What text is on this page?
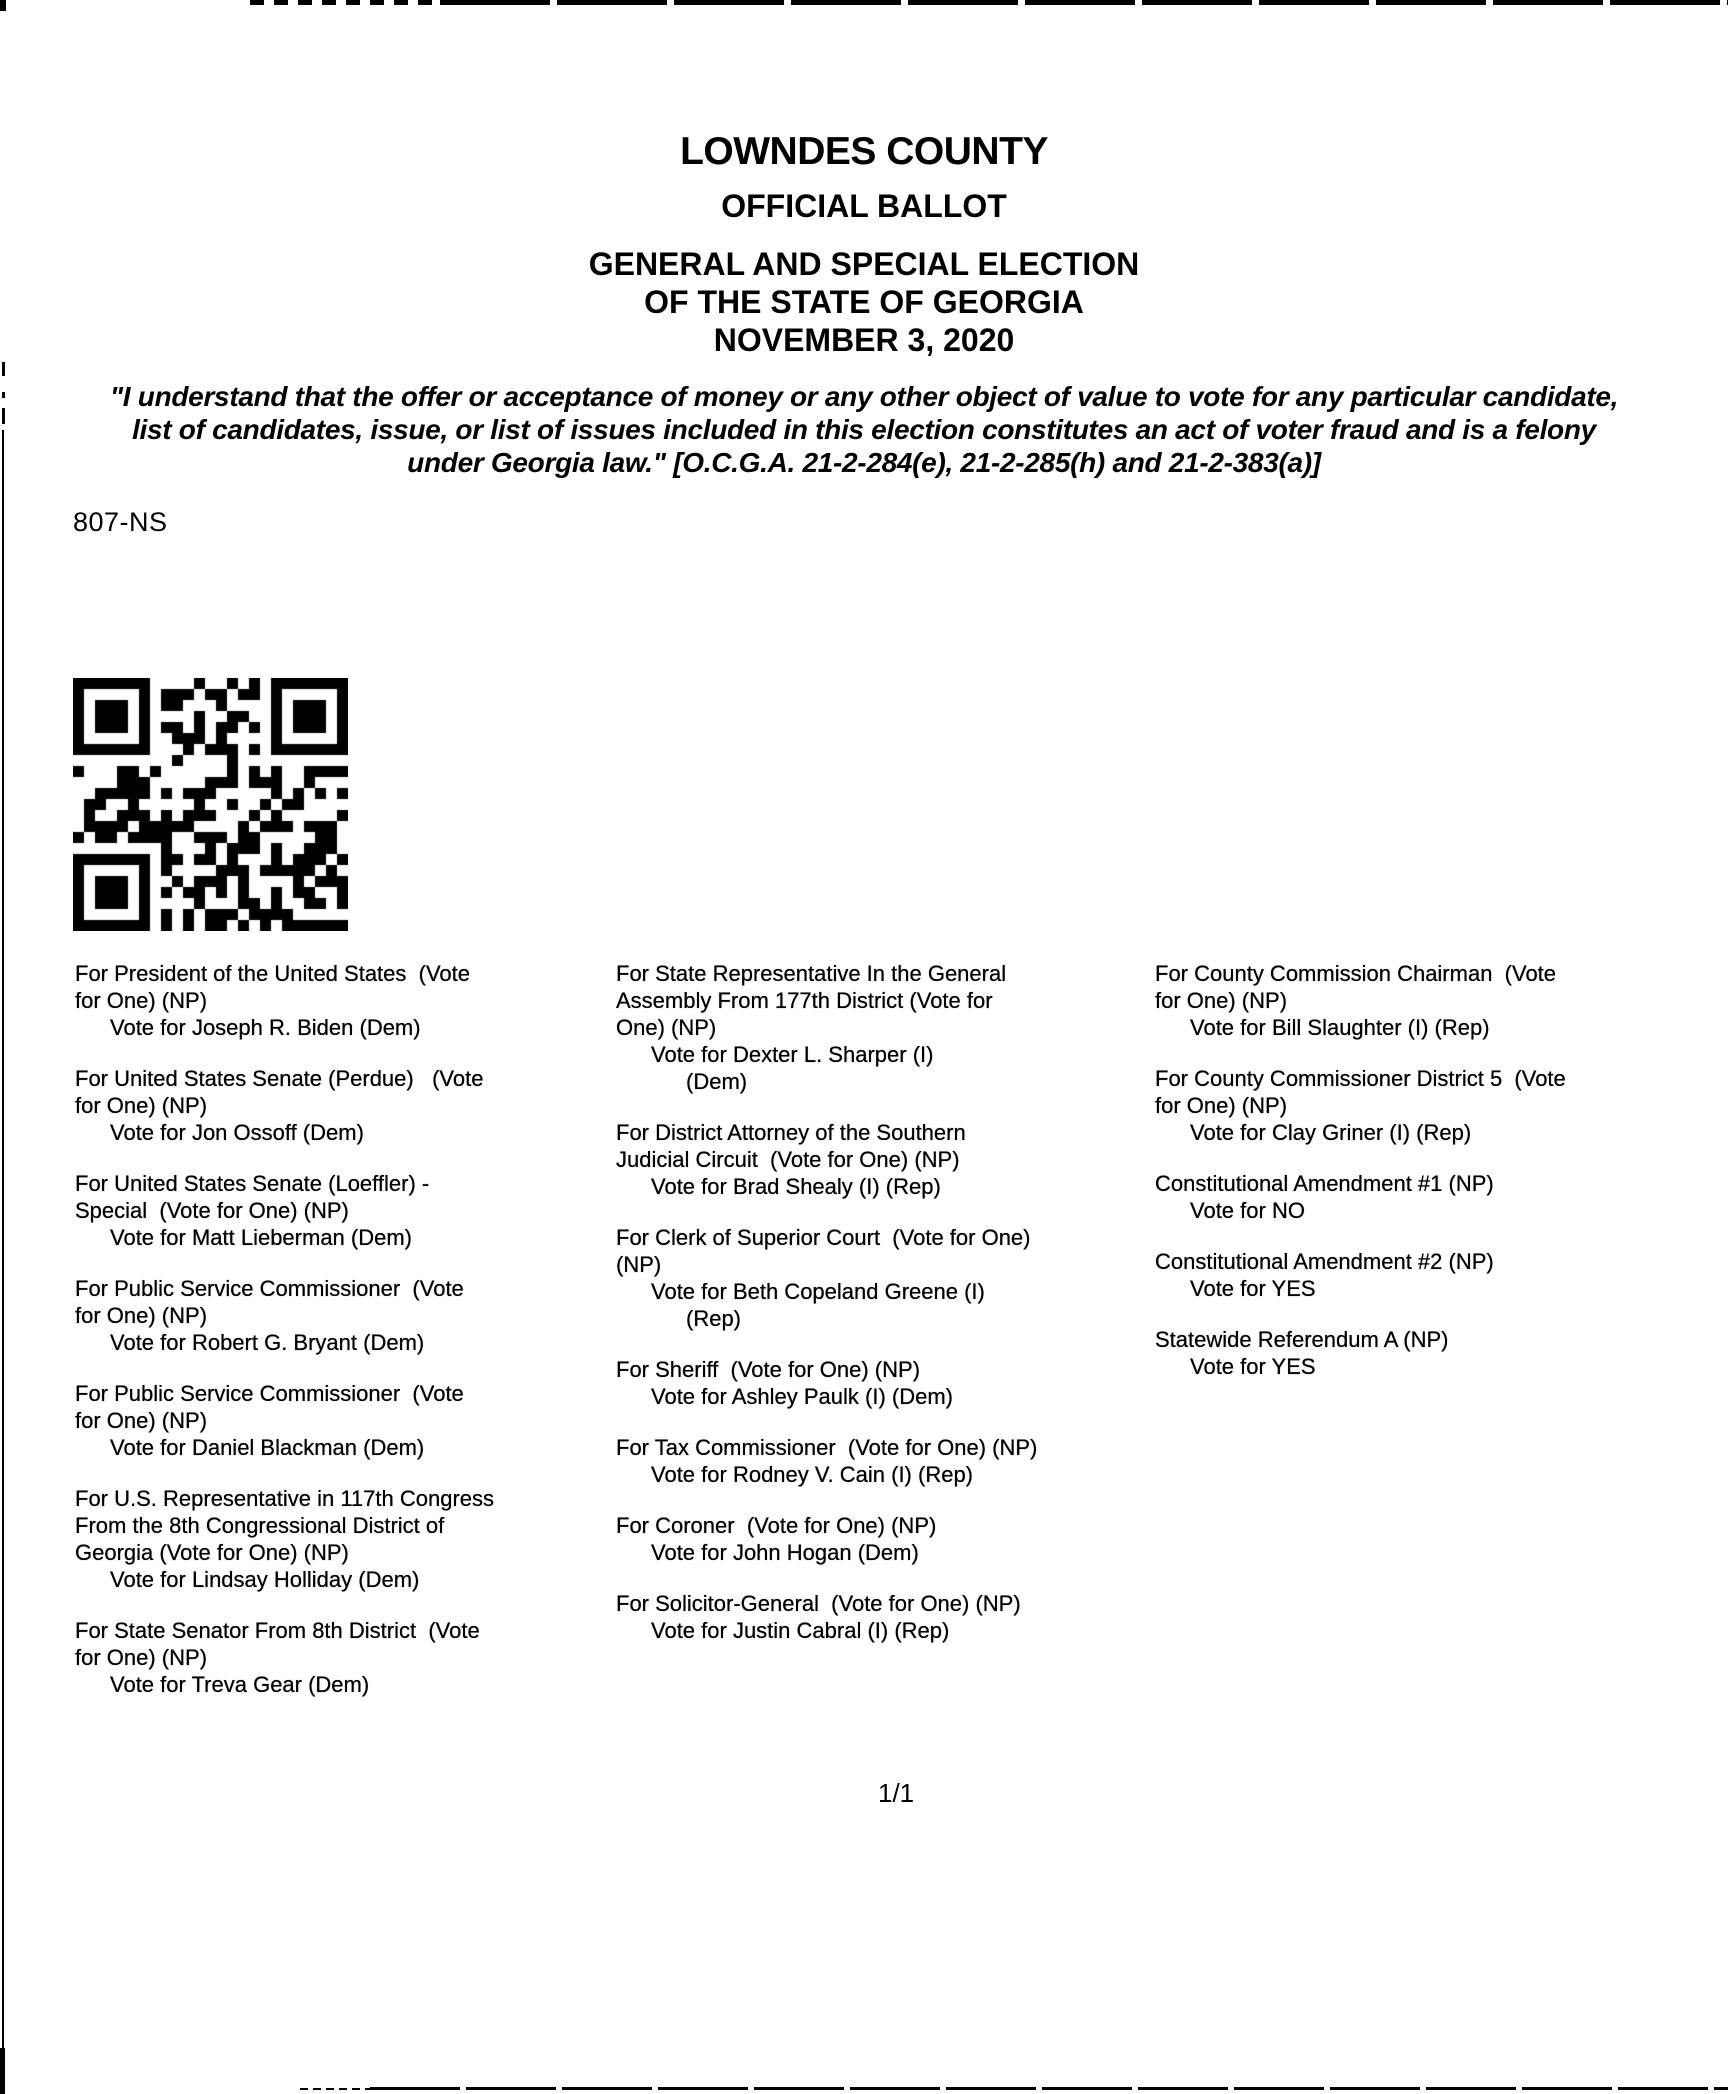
LOWNDES COUNTY
OFFICIAL BALLOT
GENERAL AND SPECIAL ELECTION
OF THE STATE OF GEORGIA
NOVEMBER 3, 2020
"I understand that the offer or acceptance of money or any other object of value to vote for any particular candidate,
list of candidates, issue, or list of issues included in this election constitutes an act of voter fraud and is a felony
under Georgia law." [O.C.G.A. 21-2-284(e), 21-2-285(h) and 21-2-383(a)]
807-NS
For President of the United States  (Vote
for One) (NP)
Vote for Joseph R. Biden (Dem)
For United States Senate (Perdue)   (Vote
for One) (NP)
Vote for Jon Ossoff (Dem)
For United States Senate (Loeffler) -
Special  (Vote for One) (NP)
Vote for Matt Lieberman (Dem)
For Public Service Commissioner  (Vote
for One) (NP)
Vote for Robert G. Bryant (Dem)
For Public Service Commissioner  (Vote
for One) (NP)
Vote for Daniel Blackman (Dem)
For U.S. Representative in 117th Congress
From the 8th Congressional District of
Georgia (Vote for One) (NP)
Vote for Lindsay Holliday (Dem)
For State Senator From 8th District  (Vote
for One) (NP)
Vote for Treva Gear (Dem)
For State Representative In the General
Assembly From 177th District (Vote for
One) (NP)
Vote for Dexter L. Sharper (I)
(Dem)
For District Attorney of the Southern
Judicial Circuit  (Vote for One) (NP)
Vote for Brad Shealy (I) (Rep)
For Clerk of Superior Court  (Vote for One)
(NP)
Vote for Beth Copeland Greene (I)
(Rep)
For Sheriff  (Vote for One) (NP)
Vote for Ashley Paulk (I) (Dem)
For Tax Commissioner  (Vote for One) (NP)
Vote for Rodney V. Cain (I) (Rep)
For Coroner  (Vote for One) (NP)
Vote for John Hogan (Dem)
For Solicitor-General  (Vote for One) (NP)
Vote for Justin Cabral (I) (Rep)
For County Commission Chairman  (Vote
for One) (NP)
Vote for Bill Slaughter (I) (Rep)
For County Commissioner District 5  (Vote
for One) (NP)
Vote for Clay Griner (I) (Rep)
Constitutional Amendment #1 (NP)
Vote for NO
Constitutional Amendment #2 (NP)
Vote for YES
Statewide Referendum A (NP)
Vote for YES
1/1
